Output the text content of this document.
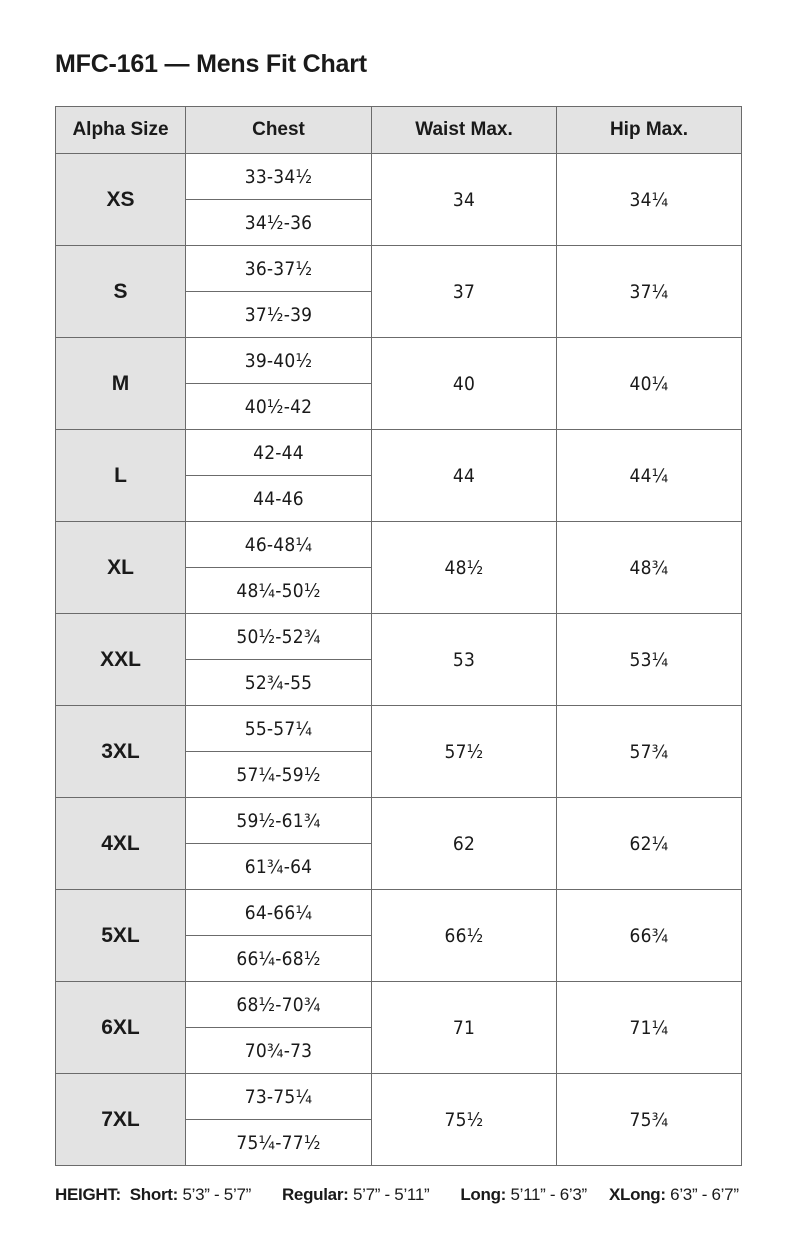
MFC-161 — Mens Fit Chart
Alpha Size	Chest	Waist Max.	Hip Max.
XS	33-34½	34	34¼
	34½-36		
S	36-37½	37	37¼
	37½-39		
M	39-40½	40	40¼
	40½-42		
L	42-44	44	44¼
	44-46		
XL	46-48¼	48½	48¾
	48¼-50½		
XXL	50½-52¾	53	53¼
	52¾-55		
3XL	55-57¼	57½	57¾
	57¼-59½		
4XL	59½-61¾	62	62¼
	61¾-64		
5XL	64-66¼	66½	66¾
	66¼-68½		
6XL	68½-70¾	71	71¼
	70¾-73		
7XL	73-75¼	75½	75¾
	75¼-77½		
HEIGHT: Short: 5’3” - 5’7” Regular: 5’7” - 5’11” Long: 5’11” - 6’3” XLong: 6’3” - 6’7”
